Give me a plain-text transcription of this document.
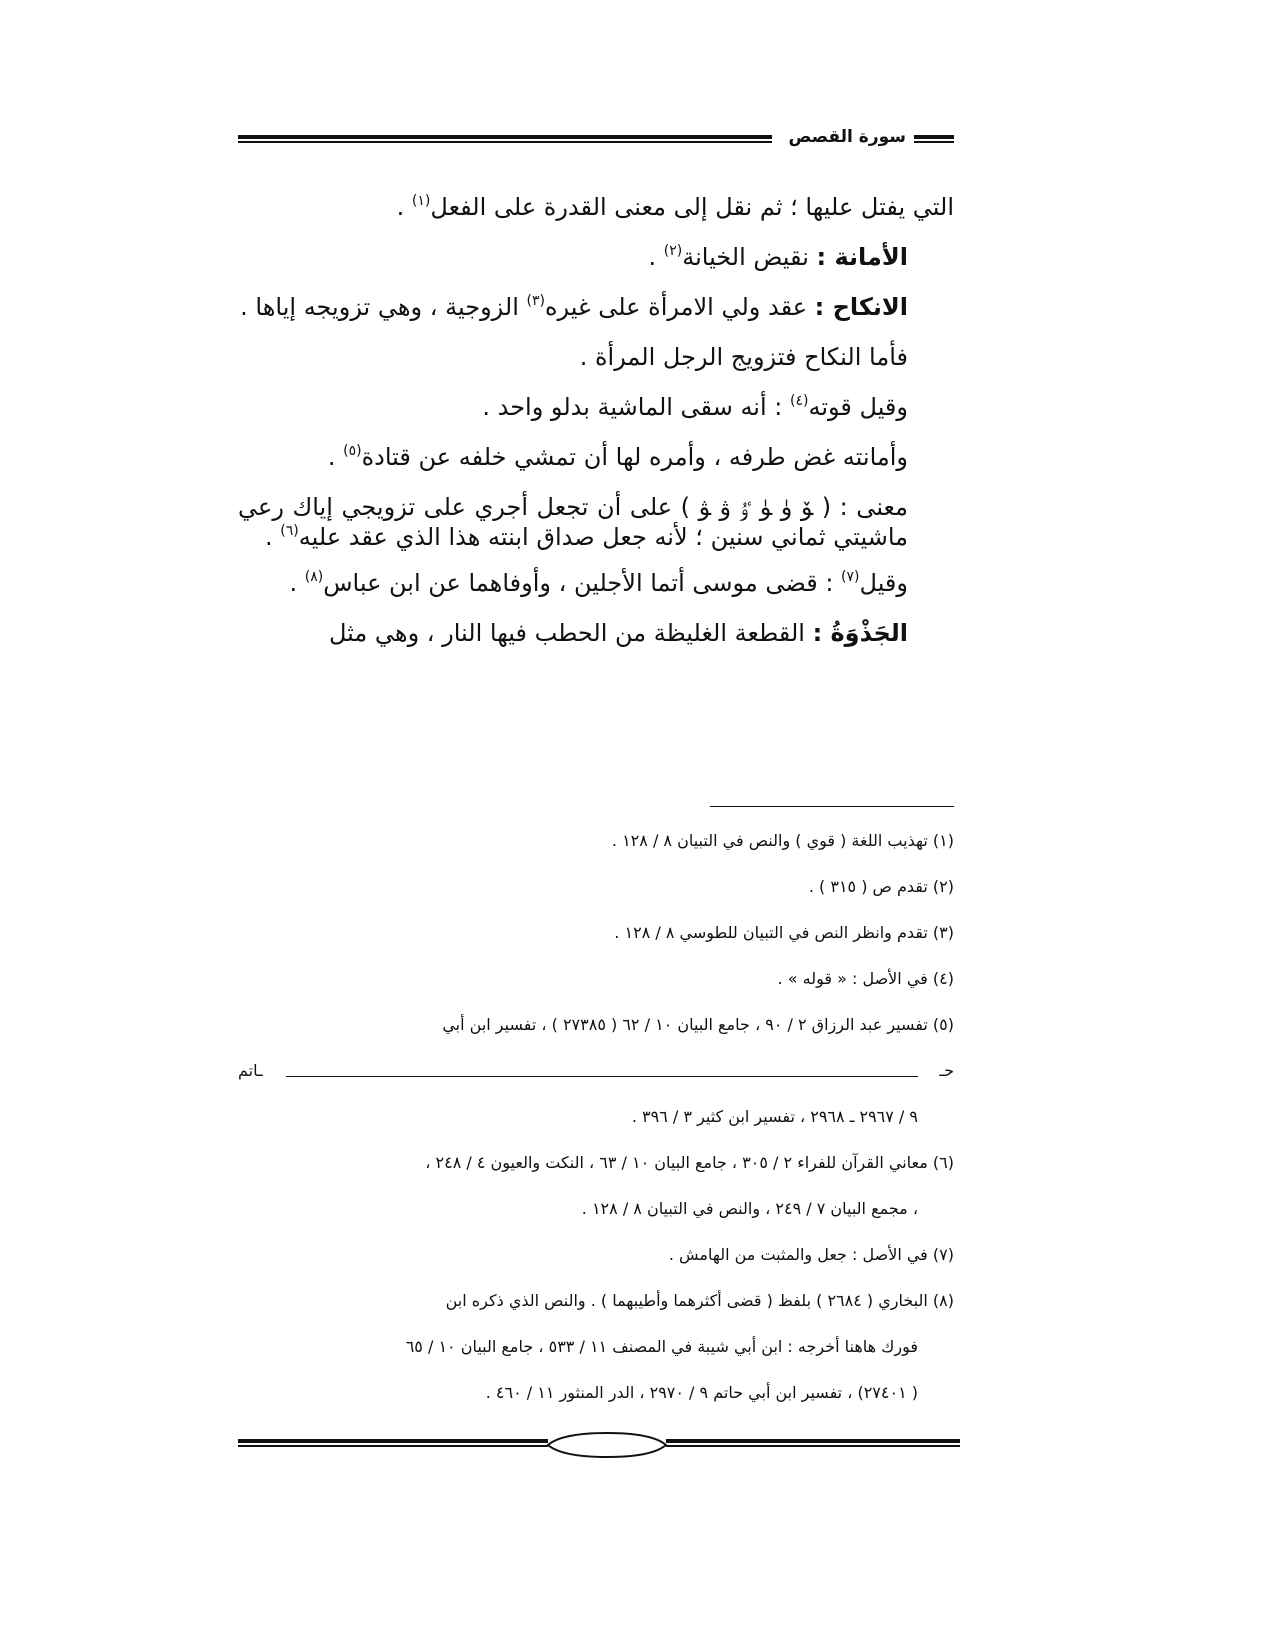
سورة القصص

التي يفتل عليها ؛ ثم نقل إلى معنى القدرة على الفعل$^{(١)}$ .

الأمانة : نقيض الخيانة$^{(٢)}$ .

الانكاح : عقد ولي الامرأة على غيره$^{(٣)}$ الزوجية ، وهي تزويجه إياها .

فأما النكاح فتزويج الرجل المرأة .

وقيل قوته$^{(٤)}$ : أنه سقى الماشية بدلو واحد .

وأمانته غض طرفه ، وأمره لها أن تمشي خلفه عن قتادة$^{(٥)}$ .

معنى : ( ﯚ ﯛ ﯜ ﯝ ﯞ ﯟ ) على أن تجعل أجري على تزويجي إياك رعي ماشيتي ثماني سنين ؛ لأنه جعل صداق ابنته هذا الذي عقد عليه$^{(٦)}$ .

وقيل$^{(٧)}$ : قضى موسى أتما الأجلين ، وأوفاهما عن ابن عباس$^{(٨)}$ .

الجَذْوَةُ : القطعة الغليظة من الحطب فيها النار ، وهي مثل

(١) تهذيب اللغة ( قوي ) والنص في التبيان ٨ / ١٢٨ .

(٢) تقدم ص ( ٣١٥ ) .

(٣) تقدم وانظر النص في التبيان للطوسي ٨ / ١٢٨ .

(٤) في الأصل : « قوله » .

(٥) تفسير عبد الرزاق ٢ / ٩٠ ، جامع البيان ١٠ / ٦٢ ( ٢٧٣٨٥ ) ، تفسير ابن أبي

حـ
ـاتم

٩ / ٢٩٦٧ ـ ٢٩٦٨ ، تفسير ابن كثير ٣ / ٣٩٦ .

(٦) معاني القرآن للفراء ٢ / ٣٠٥ ، جامع البيان ١٠ / ٦٣ ، النكت والعيون ٤ / ٢٤٨ ،

، مجمع البيان ٧ / ٢٤٩ ، والنص في التبيان ٨ / ١٢٨ .

(٧) في الأصل : جعل والمثبت من الهامش .

(٨) البخاري ( ٢٦٨٤ ) بلفظ ( قضى أكثرهما وأطيبهما ) . والنص الذي ذكره ابن

فورك هاهنا أخرجه : ابن أبي شيبة في المصنف ١١ / ٥٣٣ ، جامع البيان ١٠ / ٦٥

( ٢٧٤٠١) ، تفسير ابن أبي حاتم ٩ / ٢٩٧٠ ، الدر المنثور ١١ / ٤٦٠ .
